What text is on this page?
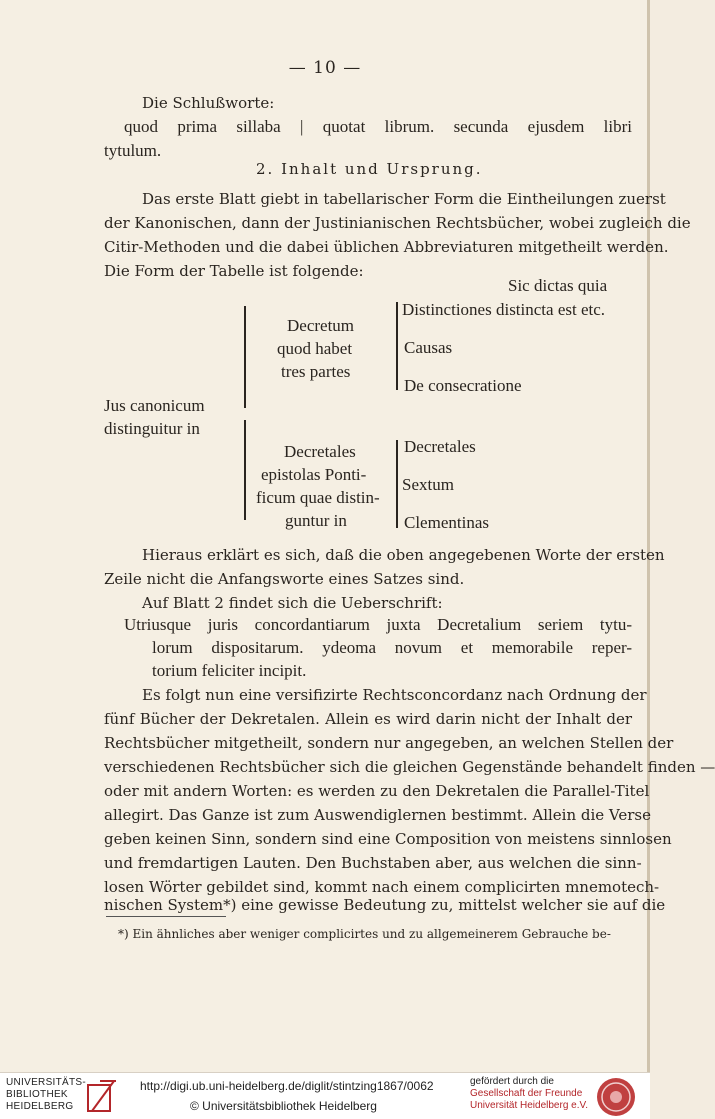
— 10 —
Die Schlußworte:
quod prima sillaba | quotat librum. secunda ejusdem libri
tytulum.
2. Inhalt und Ursprung.
Das erste Blatt giebt in tabellarischer Form die Eintheilungen zuerst
der Kanonischen, dann der Justinianischen Rechtsbücher, wobei zugleich die
Citir-Methoden und die dabei üblichen Abbreviaturen mitgetheilt werden.
Die Form der Tabelle ist folgende:
Sic dictas quia
Distinctiones distincta est etc.
Decretum
quod habet	Causas
tres partes
De consecratione
Jus canonicum
distinguitur in
Decretales
Decretales
epistolas Ponti-
Sextum
ficum quae distin-
guntur in	Clementinas
Hieraus erklärt es sich, daß die oben angegebenen Worte der ersten
Zeile nicht die Anfangsworte eines Satzes sind.
Auf Blatt 2 findet sich die Ueberschrift:
Utriusque juris concordantiarum juxta Decretalium seriem tytu-
lorum dispositarum. ydeoma novum et memorabile reper-
torium feliciter incipit.
Es folgt nun eine versifizirte Rechtsconcordanz nach Ordnung der
fünf Bücher der Dekretalen. Allein es wird darin nicht der Inhalt der
Rechtsbücher mitgetheilt, sondern nur angegeben, an welchen Stellen der
verschiedenen Rechtsbücher sich die gleichen Gegenstände behandelt finden —
oder mit andern Worten: es werden zu den Dekretalen die Parallel-Titel
allegirt. Das Ganze ist zum Auswendiglernen bestimmt. Allein die Verse
geben keinen Sinn, sondern sind eine Composition von meistens sinnlosen
und fremdartigen Lauten. Den Buchstaben aber, aus welchen die sinn-
losen Wörter gebildet sind, kommt nach einem complicirten mnemotech-
nischen System*) eine gewisse Bedeutung zu, mittelst welcher sie auf die
*) Ein ähnliches aber weniger complicirtes und zu allgemeinerem Gebrauche be-
UNIVERSITÄTS-
BIBLIOTHEK
HEIDELBERG
http://digi.ub.uni-heidelberg.de/diglit/stintzing1867/0062
© Universitätsbibliothek Heidelberg
gefördert durch die
Gesellschaft der Freunde
Universität Heidelberg e.V.
